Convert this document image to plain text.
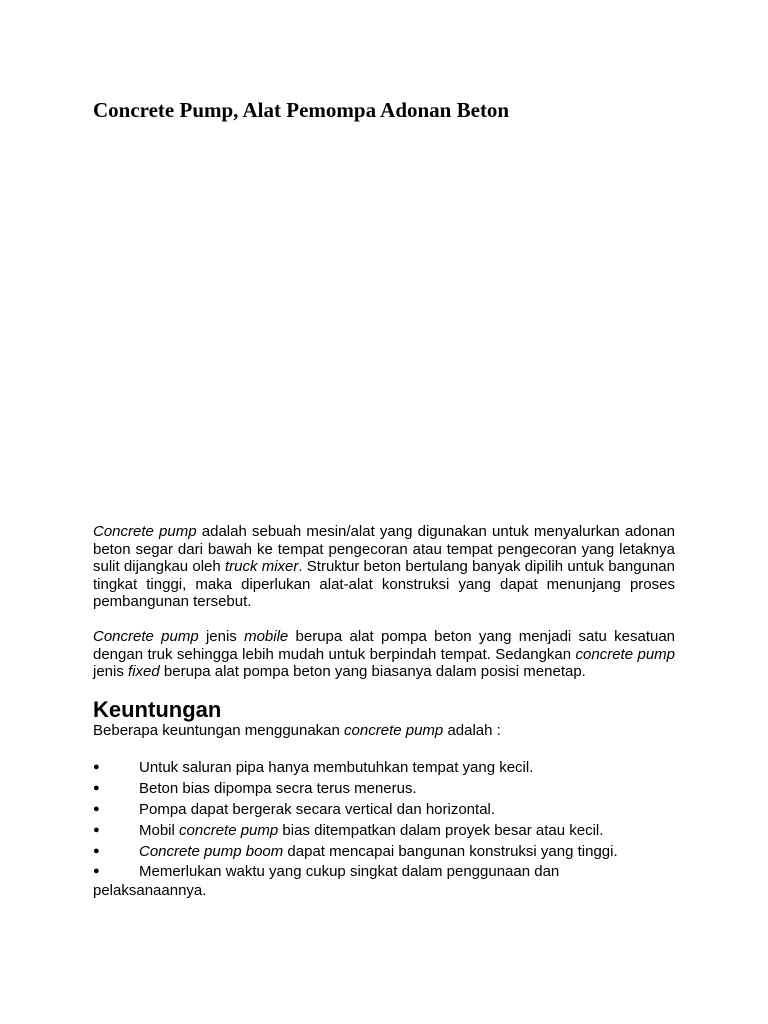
Concrete Pump, Alat Pemompa Adonan Beton

Concrete pump adalah sebuah mesin/alat yang digunakan untuk menyalurkan adonan beton segar dari bawah ke tempat pengecoran atau tempat pengecoran yang letaknya sulit dijangkau oleh truck mixer. Struktur beton bertulang banyak dipilih untuk bangunan tingkat tinggi, maka diperlukan alat-alat konstruksi yang dapat menunjang proses pembangunan tersebut.

Concrete pump jenis mobile berupa alat pompa beton yang menjadi satu kesatuan dengan truk sehingga lebih mudah untuk berpindah tempat. Sedangkan concrete pump jenis fixed berupa alat pompa beton yang biasanya dalam posisi menetap.

Keuntungan

Beberapa keuntungan menggunakan concrete pump adalah :

●	Untuk saluran pipa hanya membutuhkan tempat yang kecil.
●	Beton bias dipompa secra terus menerus.
●	Pompa dapat bergerak secara vertical dan horizontal.
●	Mobil concrete pump bias ditempatkan dalam proyek besar atau kecil.
●	Concrete pump boom dapat mencapai bangunan konstruksi yang tinggi.
●	Memerlukan waktu yang cukup singkat dalam penggunaan dan pelaksanaannya.
